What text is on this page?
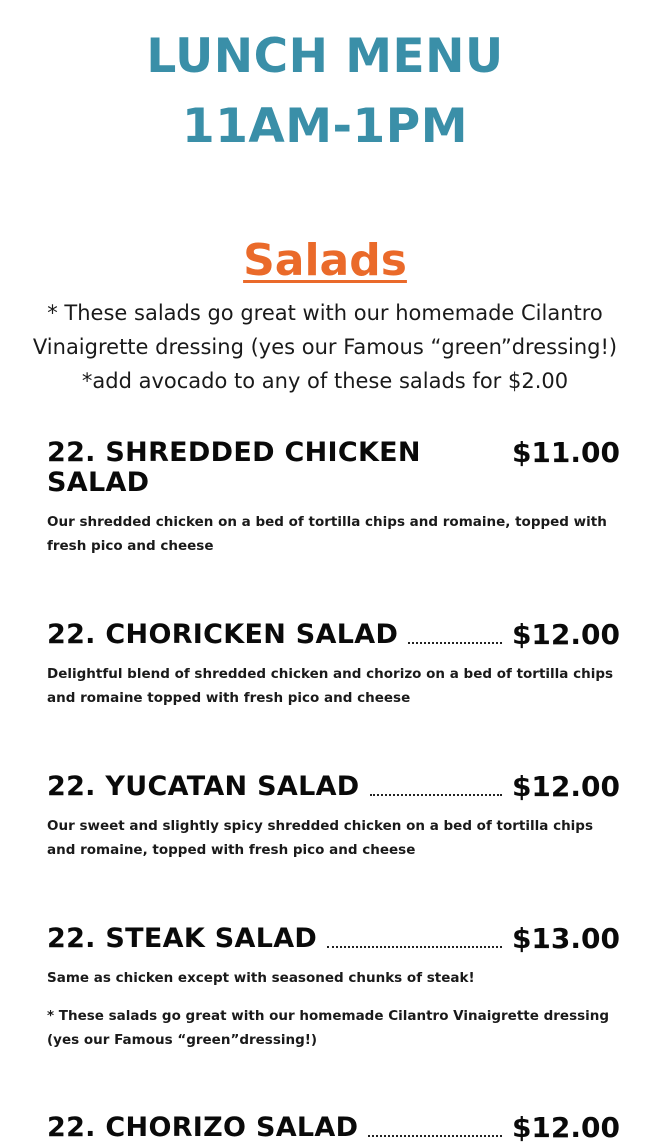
LUNCH MENU
11AM-1PM
Salads
* These salads go great with our homemade Cilantro
Vinaigrette dressing (yes our Famous “green”dressing!)
*add avocado to any of these salads for $2.00
22. SHREDDED CHICKEN SALAD
$11.00
Our shredded chicken on a bed of tortilla chips and romaine, topped with fresh pico and cheese
22. CHORICKEN SALAD	$12.00
Delightful blend of shredded chicken and chorizo on a bed of tortilla chips and romaine topped with fresh pico and cheese
22. YUCATAN SALAD	$12.00
Our sweet and slightly spicy shredded chicken on a bed of tortilla chips and romaine, topped with fresh pico and cheese
22. STEAK SALAD	$13.00
Same as chicken except with seasoned chunks of steak!
* These salads go great with our homemade Cilantro Vinaigrette dressing (yes our Famous “green”dressing!)
22. CHORIZO SALAD	$12.00
